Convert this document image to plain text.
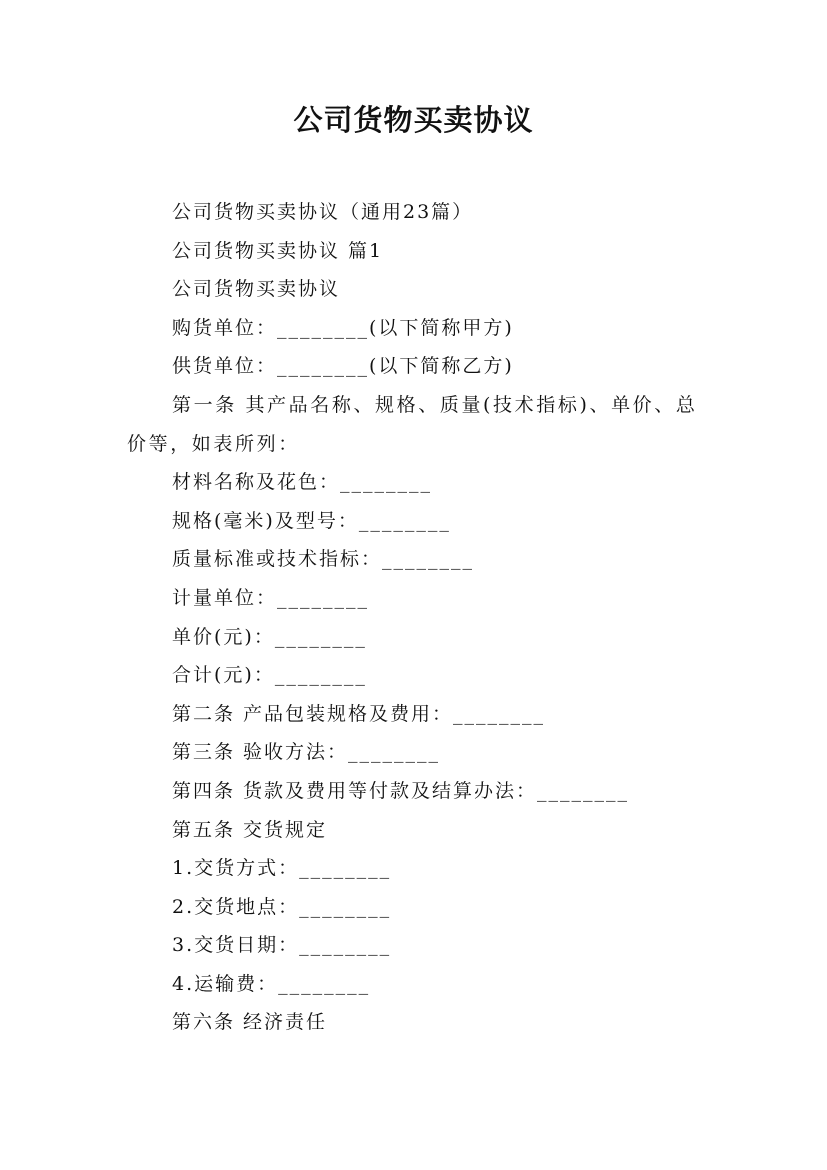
公司货物买卖协议

公司货物买卖协议（通用23篇）

公司货物买卖协议 篇1

公司货物买卖协议

购货单位：________(以下简称甲方)

供货单位：________(以下简称乙方)

第一条 其产品名称、规格、质量(技术指标)、单价、总价等，如表所列：

材料名称及花色：________

规格(毫米)及型号：________

质量标准或技术指标：________

计量单位：________

单价(元)：________

合计(元)：________

第二条 产品包装规格及费用：________

第三条 验收方法：________

第四条 货款及费用等付款及结算办法：________

第五条 交货规定

1.交货方式：________

2.交货地点：________

3.交货日期：________

4.运输费：________

第六条 经济责任
